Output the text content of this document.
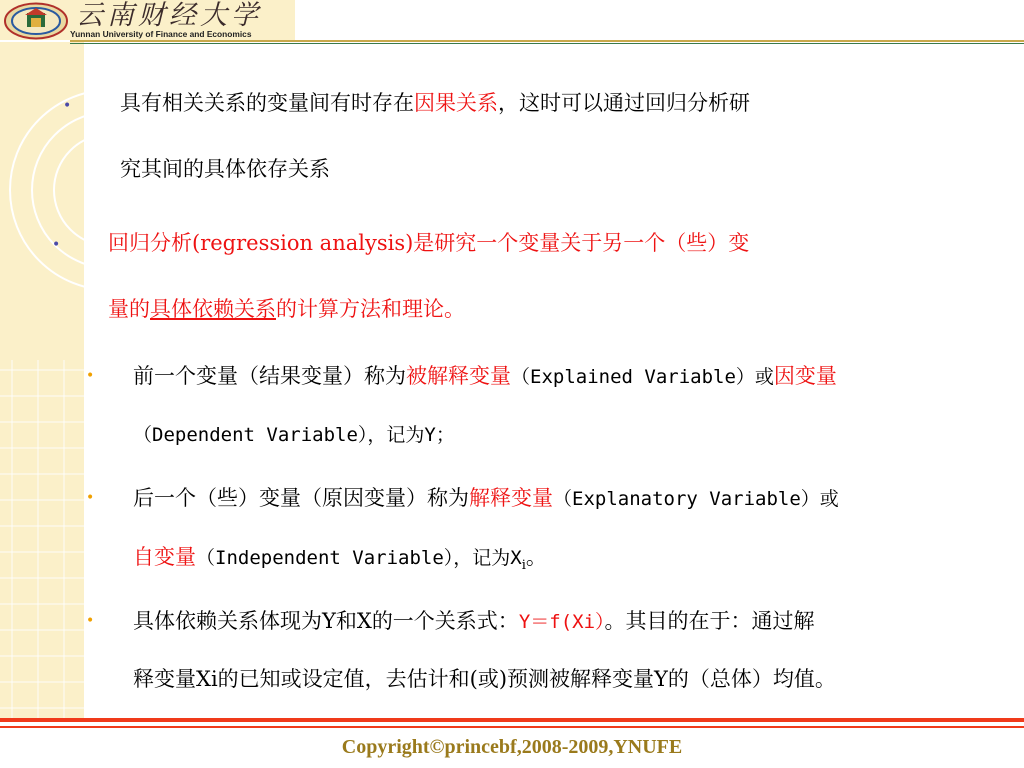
云南财经大学
Yunnan University of Finance and Economics
• 具有相关关系的变量间有时存在因果关系，这时可以通过回归分析研
究其间的具体依存关系
• 回归分析(regression analysis)是研究一个变量关于另一个（些）变
量的具体依赖关系的计算方法和理论。
• 前一个变量（结果变量）称为被解释变量（Explained Variable）或因变量
（Dependent Variable），记为Y；
• 后一个（些）变量（原因变量）称为解释变量（Explanatory Variable）或
自变量（Independent Variable），记为$X_i$。
• 具体依赖关系体现为Y和X的一个关系式：Y＝f(Xi）。其目的在于：通过解
释变量Xi的已知或设定值，去估计和(或)预测被解释变量Y的（总体）均值。
Copyright©princebf,2008-2009,YNUFE
